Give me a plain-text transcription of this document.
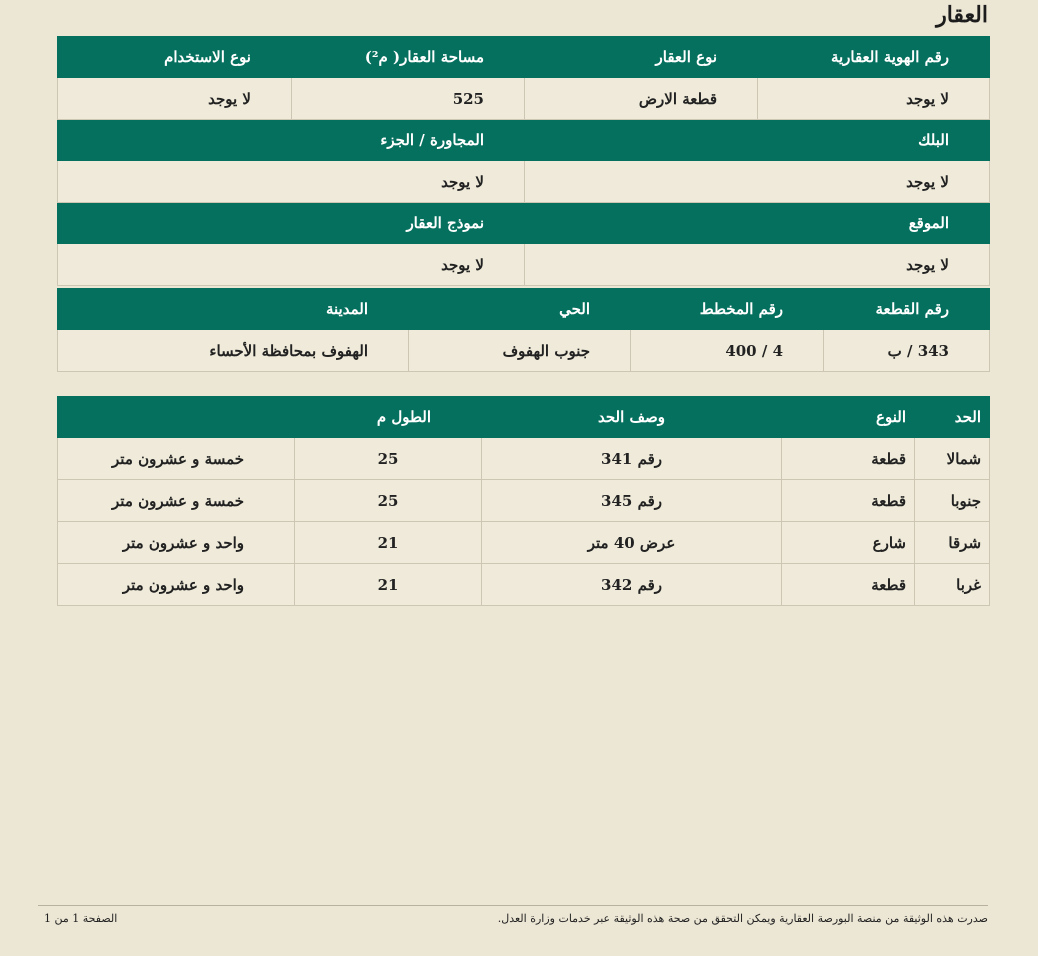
العقار
رقم الهوية العقارية	نوع العقار	مساحة العقار( م²)	نوع الاستخدام
لا يوجد	قطعة الارض	525	لا يوجد
البلك		المجاورة / الجزء	
لا يوجد		لا يوجد	
الموقع		نموذج العقار	
لا يوجد		لا يوجد	
رقم القطعة	رقم المخطط	الحي	المدينة
343 / ب	4 / 400	جنوب الهفوف	الهفوف بمحافظة الأحساء
الحد	النوع	وصف الحد	الطول م	
شمالا	قطعة	رقم 341	25	خمسة و عشرون متر
جنوبا	قطعة	رقم 345	25	خمسة و عشرون متر
شرقا	شارع	عرض 40 متر	21	واحد و عشرون متر
غربا	قطعة	رقم 342	21	واحد و عشرون متر
صدرت هذه الوثيقة من منصة البورصة العقارية ويمكن التحقق من صحة هذه الوثيقة عبر خدمات وزارة العدل.
الصفحة 1 من 1
